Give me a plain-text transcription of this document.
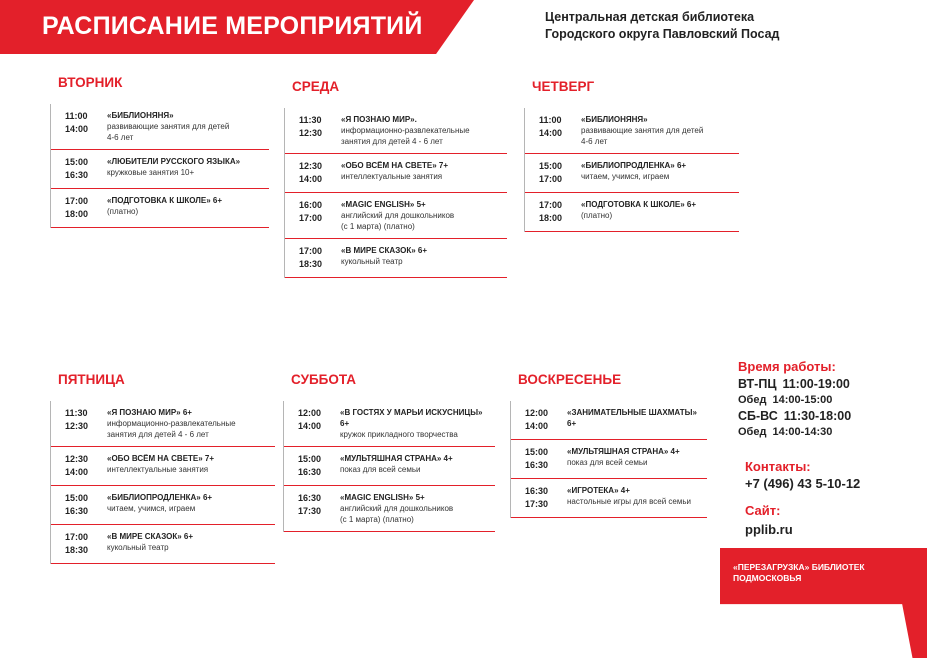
РАСПИСАНИЕ МЕРОПРИЯТИЙ	Центральная детская библиотека
Городского округа Павловский Посад
ВТОРНИК
11:00
14:00
«БИБЛИОНЯНЯ»
развивающие занятия для детей
4-6 лет
15:00
16:30
«ЛЮБИТЕЛИ РУССКОГО ЯЗЫКА»
кружковые занятия 10+
17:00
18:00
«ПОДГОТОВКА К ШКОЛЕ» 6+
(платно)
СРЕДА
11:30
12:30
«Я ПОЗНАЮ МИР».
информационно-развлекательные
занятия для детей 4 - 6 лет
12:30
14:00
«ОБО ВСЁМ НА СВЕТЕ» 7+
интеллектуальные занятия
16:00
17:00
«MAGIC ENGLISH» 5+
английский для дошкольников
(с 1 марта) (платно)
17:00
18:30
«В МИРЕ СКАЗОК» 6+
кукольный театр
ЧЕТВЕРГ
11:00
14:00
«БИБЛИОНЯНЯ»
развивающие занятия для детей
4-6 лет
15:00
17:00
«БИБЛИОПРОДЛЕНКА» 6+
читаем, учимся, играем
17:00
18:00
«ПОДГОТОВКА К ШКОЛЕ» 6+
(платно)
ПЯТНИЦА
11:30
12:30
«Я ПОЗНАЮ МИР» 6+
информационно-развлекательные
занятия для детей 4 - 6 лет
12:30
14:00
«ОБО ВСЁМ НА СВЕТЕ» 7+
интеллектуальные занятия
15:00
16:30
«БИБЛИОПРОДЛЕНКА» 6+
читаем, учимся, играем
17:00
18:30
«В МИРЕ СКАЗОК» 6+
кукольный театр
СУББОТА
12:00
14:00
«В ГОСТЯХ У МАРЬИ ИСКУСНИЦЫ» 6+
кружок прикладного творчества
15:00
16:30
«МУЛЬТЯШНАЯ СТРАНА» 4+
показ для всей семьи
16:30
17:30
«MAGIC ENGLISH» 5+
английский для дошкольников
(с 1 марта) (платно)
ВОСКРЕСЕНЬЕ
12:00
14:00
«ЗАНИМАТЕЛЬНЫЕ ШАХМАТЫ» 6+
15:00
16:30
«МУЛЬТЯШНАЯ СТРАНА» 4+
показ для всей семьи
16:30
17:30
«ИГРОТЕКА» 4+
настольные игры для всей семьи
Время работы:
ВТ-ПЦ 11:00-19:00
Обед 14:00-15:00
СБ-ВС 11:30-18:00
Обед 14:00-14:30
Контакты:
+7 (496) 43 5-10-12
Сайт:
pplib.ru
«ПЕРЕЗАГРУЗКА» БИБЛИОТЕК ПОДМОСКОВЬЯ
